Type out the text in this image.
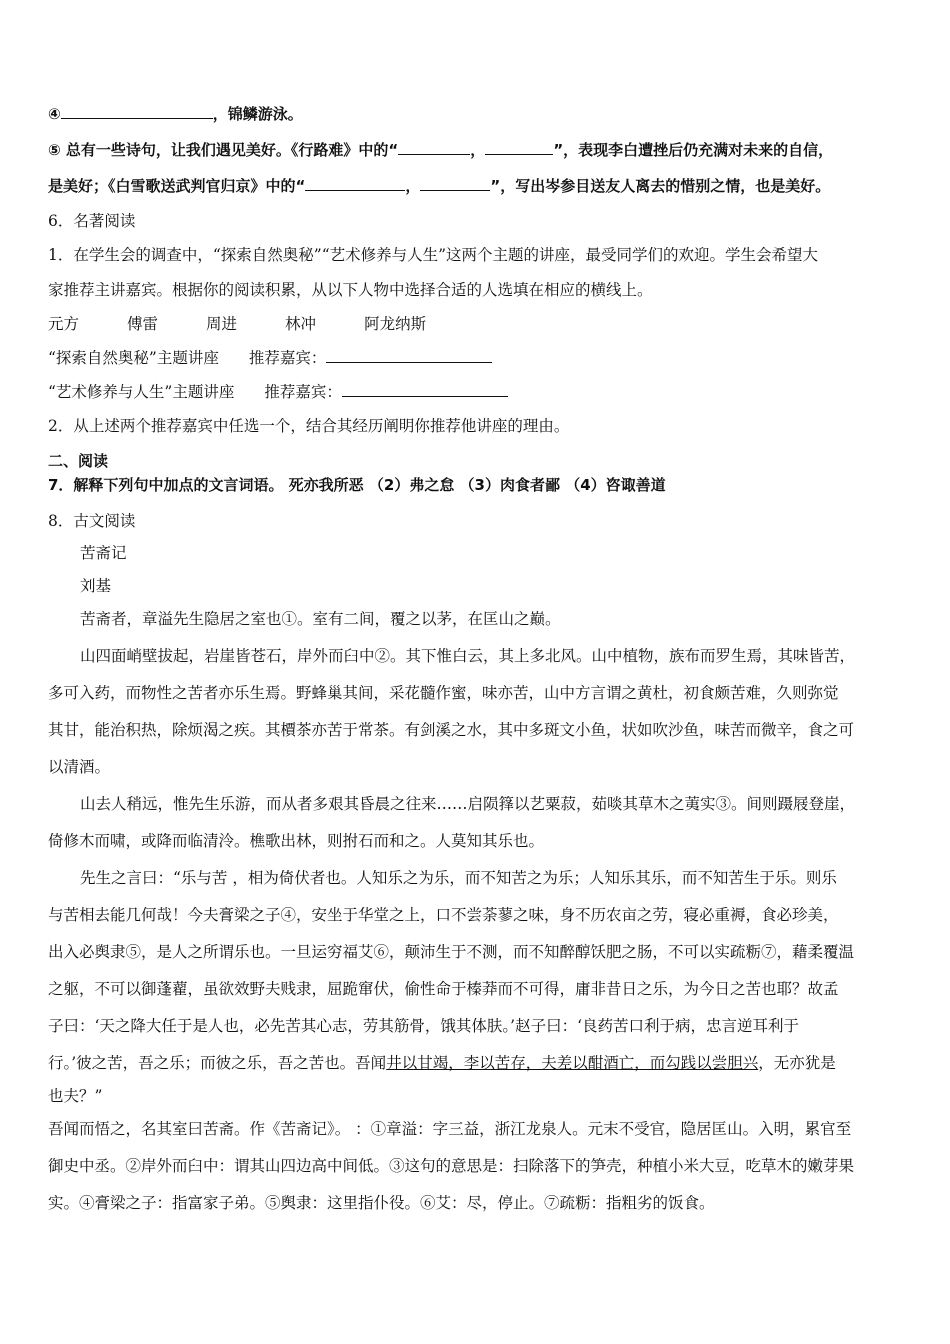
④	，锦鳞游泳。
⑤ 总有一些诗句，让我们遇见美好。《行路难》中的“	，	”，表现李白遭挫后仍充满对未来的自信，
是美好；《白雪歌送武判官归京》中的“	，	”，写出岑参目送友人离去的惜别之情，也是美好。
6．名著阅读
1．在学生会的调查中，“探索自然奥秘”“艺术修养与人生”这两个主题的讲座，最受同学们的欢迎。学生会希望大
家推荐主讲嘉宾。根据你的阅读积累，从以下人物中选择合适的人选填在相应的横线上。
元方	傅雷	周进	林冲	阿龙纳斯
“探索自然奥秘”主题讲座 推荐嘉宾：
“艺术修养与人生”主题讲座 推荐嘉宾：
2．从上述两个推荐嘉宾中任选一个，结合其经历阐明你推荐他讲座的理由。
二、阅读
7．解释下列句中加点的文言词语。 死亦我所恶 （2）弗之怠 （3）肉食者鄙 （4）咨诹善道
8．古文阅读
苦斋记
刘基
苦斋者，章溢先生隐居之室也①。室有二间，覆之以茅，在匡山之巅。
山四面峭壁拔起，岩崖皆苍石，岸外而臼中②。其下惟白云，其上多北风。山中植物，族布而罗生焉，其味皆苦，
多可入药，而物性之苦者亦乐生焉。野蜂巢其间，采花髓作蜜，味亦苦，山中方言谓之黄杜，初食颇苦难，久则弥觉
其甘，能治积热，除烦渴之疾。其檟茶亦苦于常茶。有剑溪之水，其中多斑文小鱼，状如吹沙鱼，味苦而微辛，食之可
以清酒。
山去人稍远，惟先生乐游，而从者多艰其昏晨之往来……启陨箨以艺粟菽，茹啖其草木之荑实③。间则蹑屐登崖，
倚修木而啸，或降而临清泠。樵歌出林，则拊石而和之。人莫知其乐也。
先生之言曰：“乐与苦 ，相为倚伏者也。人知乐之为乐，而不知苦之为乐；人知乐其乐，而不知苦生于乐。则乐
与苦相去能几何哉！今夫膏梁之子④，安坐于华堂之上，口不尝荼蓼之味，身不历农亩之劳，寝必重褥，食必珍美，
出入必舆隶⑤，是人之所谓乐也。一旦运穷福艾⑥，颠沛生于不测，而不知醉醇饫肥之肠，不可以实疏粝⑦，藉柔覆温
之躯，不可以御蓬藋，虽欲效野夫贱隶，屈跪窜伏，偷性命于榛莽而不可得，庸非昔日之乐，为今日之苦也耶？故孟
子曰：‘天之降大任于是人也，必先苦其心志，劳其筋骨，饿其体肤。’赵子曰：‘良药苦口利于病，忠言逆耳利于
行。’彼之苦，吾之乐；而彼之乐，吾之苦也。吾闻井以甘竭，李以苦存，夫差以酣酒亡，而勾践以尝胆兴，无亦犹是
也夫？”
吾闻而悟之，名其室曰苦斋。作《苦斋记》。 ：①章溢：字三益，浙江龙泉人。元末不受官，隐居匡山。入明，累官至
御史中丞。②岸外而臼中：谓其山四边高中间低。③这句的意思是：扫除落下的笋壳，种植小米大豆，吃草木的嫩芽果
实。④膏梁之子：指富家子弟。⑤舆隶：这里指仆役。⑥艾：尽，停止。⑦疏粝：指粗劣的饭食。
